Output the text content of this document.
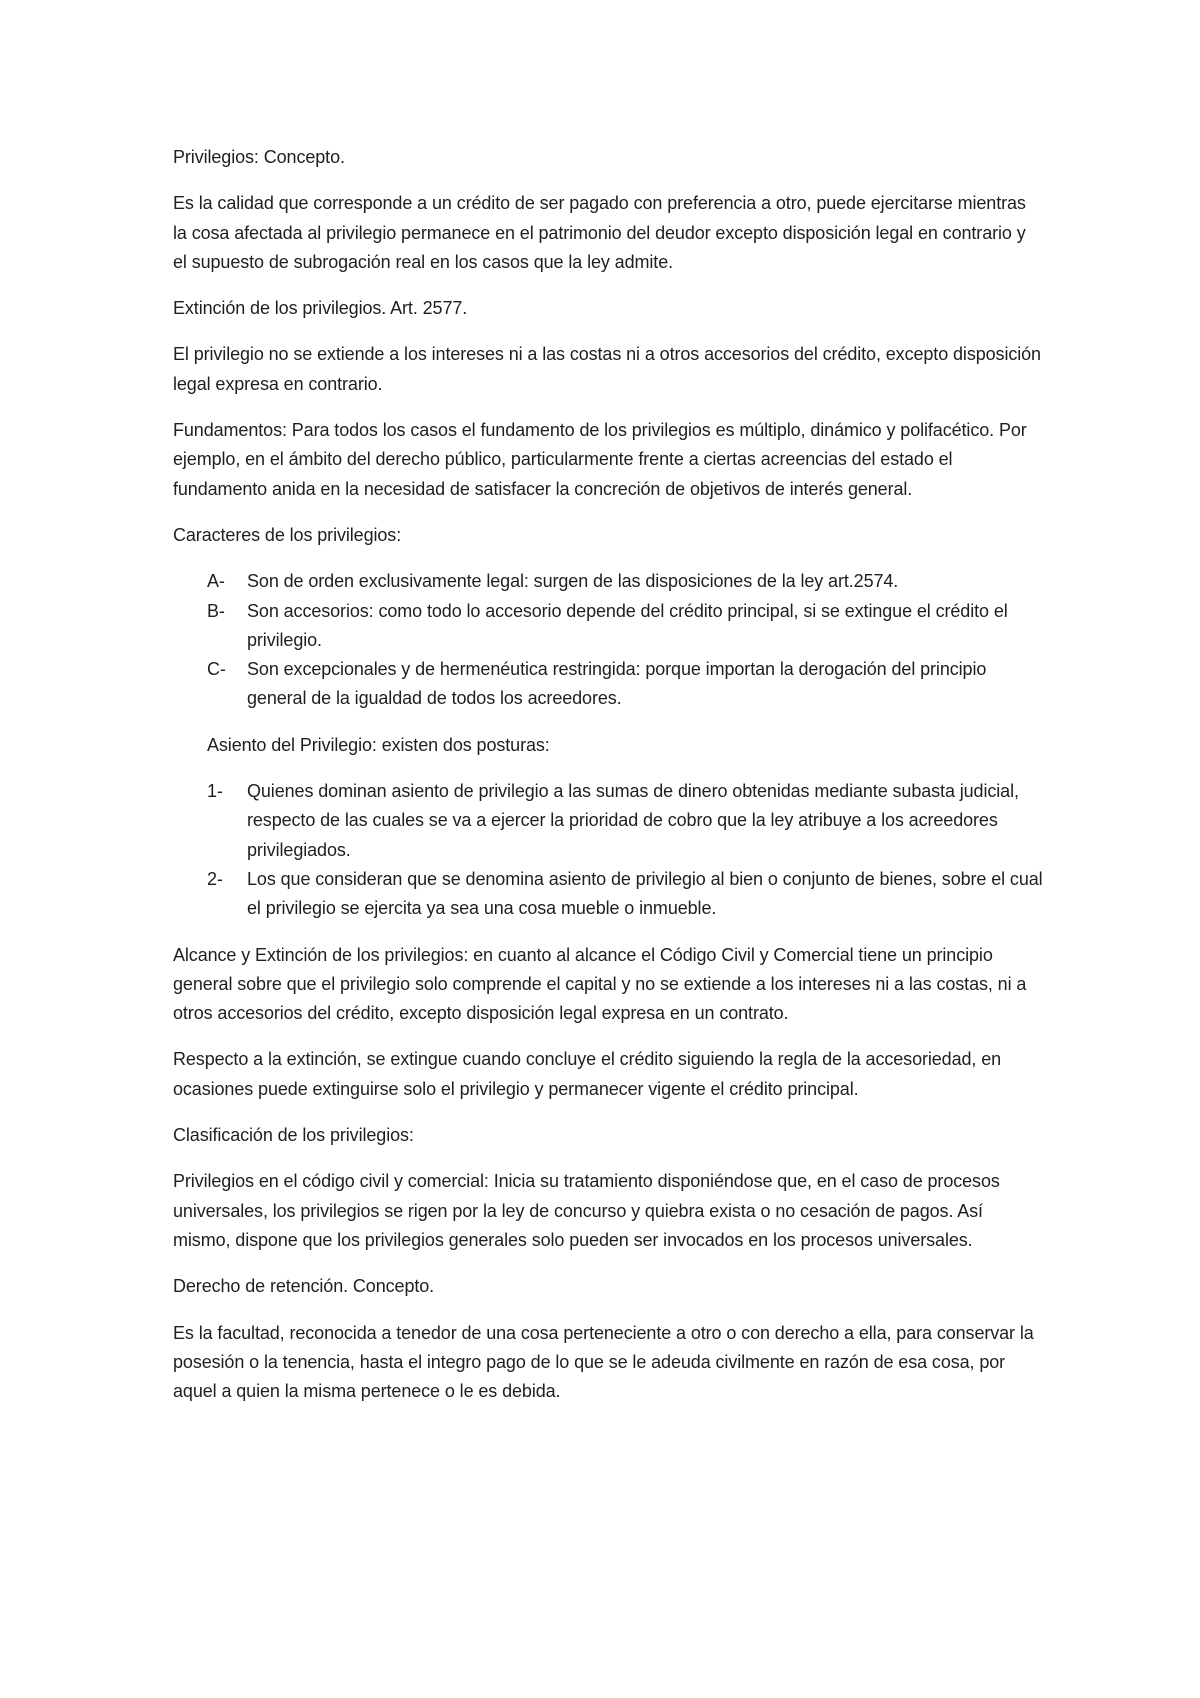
Privilegios: Concepto.

Es la calidad que corresponde a un crédito de ser pagado con preferencia a otro, puede ejercitarse mientras la cosa afectada al privilegio permanece en el patrimonio del deudor excepto disposición legal en contrario y el supuesto de subrogación real en los casos que la ley admite.

Extinción de los privilegios. Art. 2577.

El privilegio no se extiende a los intereses ni a las costas ni a otros accesorios del crédito, excepto disposición legal expresa en contrario.

Fundamentos: Para todos los casos el fundamento de los privilegios es múltiplo, dinámico y polifacético. Por ejemplo, en el ámbito del derecho público, particularmente frente a ciertas acreencias del estado el fundamento anida en la necesidad de satisfacer la concreción de objetivos de interés general.

Caracteres de los privilegios:

A- Son de orden exclusivamente legal: surgen de las disposiciones de la ley art.2574.
B- Son accesorios: como todo lo accesorio depende del crédito principal, si se extingue el crédito el privilegio.
C- Son excepcionales y de hermenéutica restringida: porque importan la derogación del principio general de la igualdad de todos los acreedores.

Asiento del Privilegio: existen dos posturas:

1- Quienes dominan asiento de privilegio a las sumas de dinero obtenidas mediante subasta judicial, respecto de las cuales se va a ejercer la prioridad de cobro que la ley atribuye a los acreedores privilegiados.
2- Los que consideran que se denomina asiento de privilegio al bien o conjunto de bienes, sobre el cual el privilegio se ejercita ya sea una cosa mueble o inmueble.

Alcance y Extinción de los privilegios: en cuanto al alcance el Código Civil y Comercial tiene un principio general sobre que el privilegio solo comprende el capital y no se extiende a los intereses ni a las costas, ni a otros accesorios del crédito, excepto disposición legal expresa en un contrato.

Respecto a la extinción, se extingue cuando concluye el crédito siguiendo la regla de la accesoriedad, en ocasiones puede extinguirse solo el privilegio y permanecer vigente el crédito principal.

Clasificación de los privilegios:

Privilegios en el código civil y comercial: Inicia su tratamiento disponiéndose que, en el caso de procesos universales, los privilegios se rigen por la ley de concurso y quiebra exista o no cesación de pagos. Así mismo, dispone que los privilegios generales solo pueden ser invocados en los procesos universales.

Derecho de retención. Concepto.

Es la facultad, reconocida a tenedor de una cosa perteneciente a otro o con derecho a ella, para conservar la posesión o la tenencia, hasta el integro pago de lo que se le adeuda civilmente en razón de esa cosa, por aquel a quien la misma pertenece o le es debida.
